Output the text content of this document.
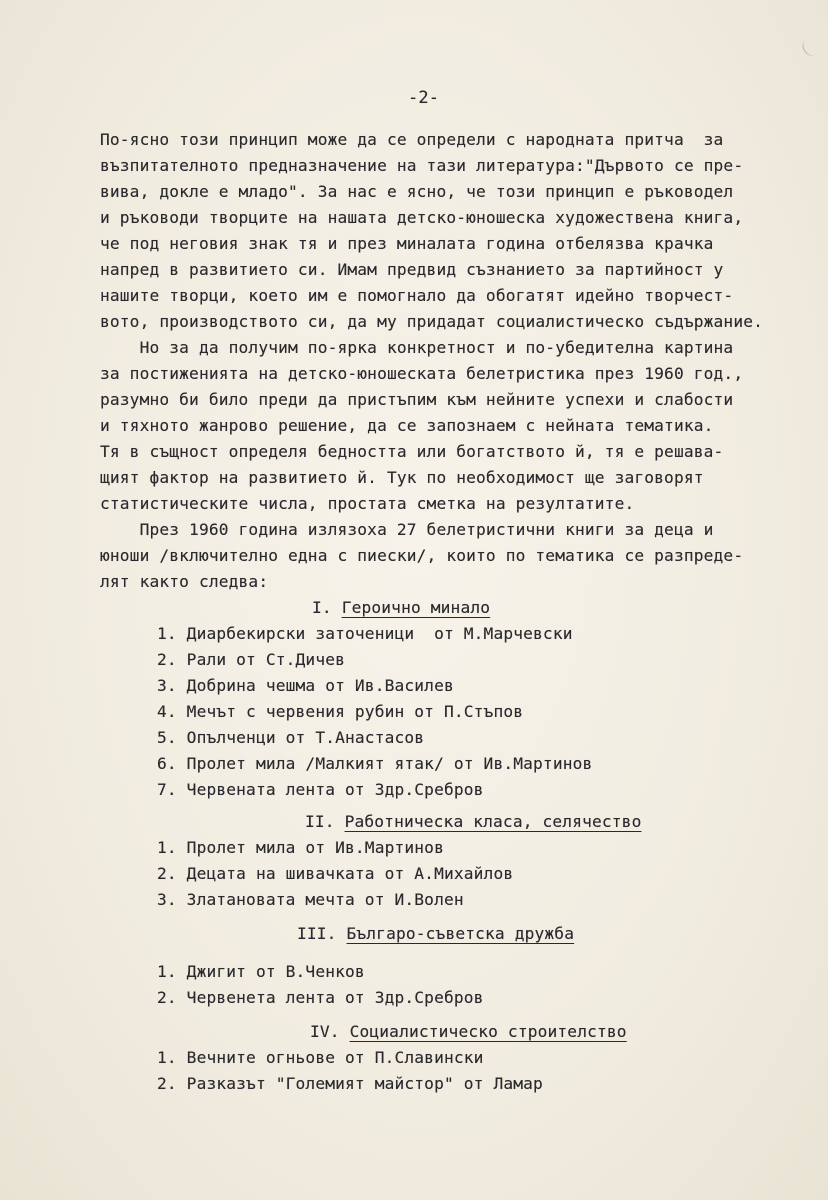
-2-
По-ясно този принцип може да се определи с народната притча  за
възпитателното предназначение на тази литература:"Дървото се пре-
вива, докле е младо". За нас е ясно, че този принцип е ръководел
и ръководи творците на нашата детско-юношеска художествена книга,
че под неговия знак тя и през миналата година отбелязва крачка
напред в развитието си. Имам предвид съзнанието за партийност у
нашите творци, което им е помогнало да обогатят идейно творчест-
вото, производството си, да му придадат социалистическо съдържание.
Но за да получим по-ярка конкретност и по-убедителна картина
за постиженията на детско-юношеската белетристика през 1960 год.,
разумно би било преди да пристъпим към нейните успехи и слабости
и тяхното жанрово решение, да се запознаем с нейната тематика.
Тя в същност определя бедността или богатството й, тя е решава-
щият фактор на развитието й. Тук по необходимост ще заговорят
статистическите числа, простата сметка на резултатите.
През 1960 година излязоха 27 белетристични книги за деца и
юноши /включително една с пиески/, които по тематика се разпреде-
лят както следва:
I. Героично минало
1. Диарбекирски заточеници  от М.Марчевски
2. Рали от Ст.Дичев
3. Добрина чешма от Ив.Василев
4. Мечът с червения рубин от П.Стъпов
5. Опълченци от Т.Анастасов
6. Пролет мила /Малкият ятак/ от Ив.Мартинов
7. Червената лента от Здр.Сребров
II. Работническа класа, селячество
1. Пролет мила от Ив.Мартинов
2. Децата на шивачката от А.Михайлов
3. Златановата мечта от И.Волен
III. Българо-съветска дружба
1. Джигит от В.Ченков
2. Червенета лента от Здр.Сребров
IV. Социалистическо строителство
1. Вечните огньове от П.Славински
2. Разказът "Големият майстор" от Ламар
